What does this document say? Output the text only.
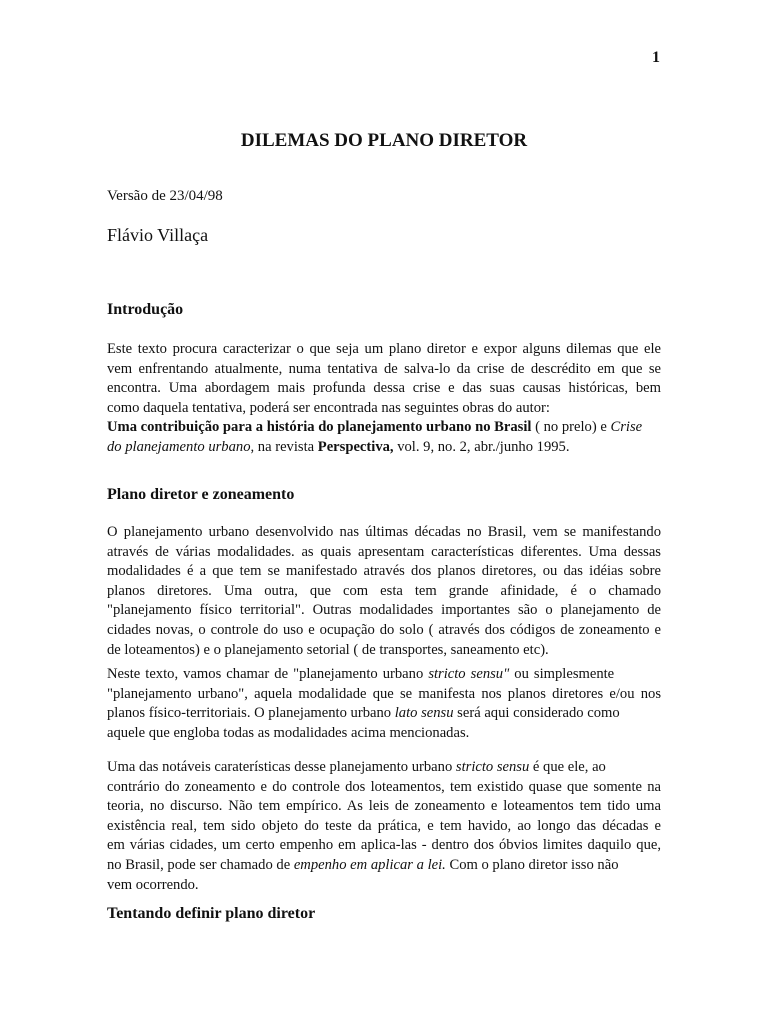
1
DILEMAS DO PLANO DIRETOR
Versão de 23/04/98
Flávio Villaça
Introdução
Este texto procura caracterizar o que seja um plano diretor e expor alguns dilemas que ele
vem enfrentando atualmente, numa tentativa de salva-lo da crise de descrédito em que se
encontra. Uma abordagem mais profunda dessa crise e das suas causas históricas, bem
como daquela tentativa, poderá ser encontrada nas seguintes obras do autor:
Uma contribuição para a história do planejamento urbano no Brasil ( no prelo) e Crise
do planejamento urbano, na revista Perspectiva, vol. 9, no. 2, abr./junho 1995.
Plano diretor e zoneamento
O planejamento urbano desenvolvido nas últimas décadas no Brasil, vem se manifestando
através de várias modalidades. as quais apresentam características diferentes. Uma dessas
modalidades é a que tem se manifestado através dos planos diretores, ou das idéias sobre
planos diretores. Uma outra, que com esta tem grande afinidade, é o chamado
"planejamento físico territorial". Outras modalidades importantes são o planejamento de
cidades novas, o controle do uso e ocupação do solo ( através dos códigos de zoneamento e
de loteamentos) e o planejamento setorial ( de transportes, saneamento etc).
Neste texto, vamos chamar de "planejamento urbano stricto sensu" ou simplesmente
"planejamento urbano", aquela modalidade que se manifesta nos planos diretores e/ou nos
planos físico-territoriais. O planejamento urbano lato sensu será aqui considerado como
aquele que engloba todas as modalidades acima mencionadas.
Uma das notáveis caraterísticas desse planejamento urbano stricto sensu é que ele, ao
contrário do zoneamento e do controle dos loteamentos, tem existido quase que somente na
teoria, no discurso. Não tem empírico. As leis de zoneamento e loteamentos tem tido uma
existência real, tem sido objeto do teste da prática, e tem havido, ao longo das décadas e
em várias cidades, um certo empenho em aplica-las - dentro dos óbvios limites daquilo que,
no Brasil, pode ser chamado de empenho em aplicar a lei. Com o plano diretor isso não
vem ocorrendo.
Tentando definir plano diretor
